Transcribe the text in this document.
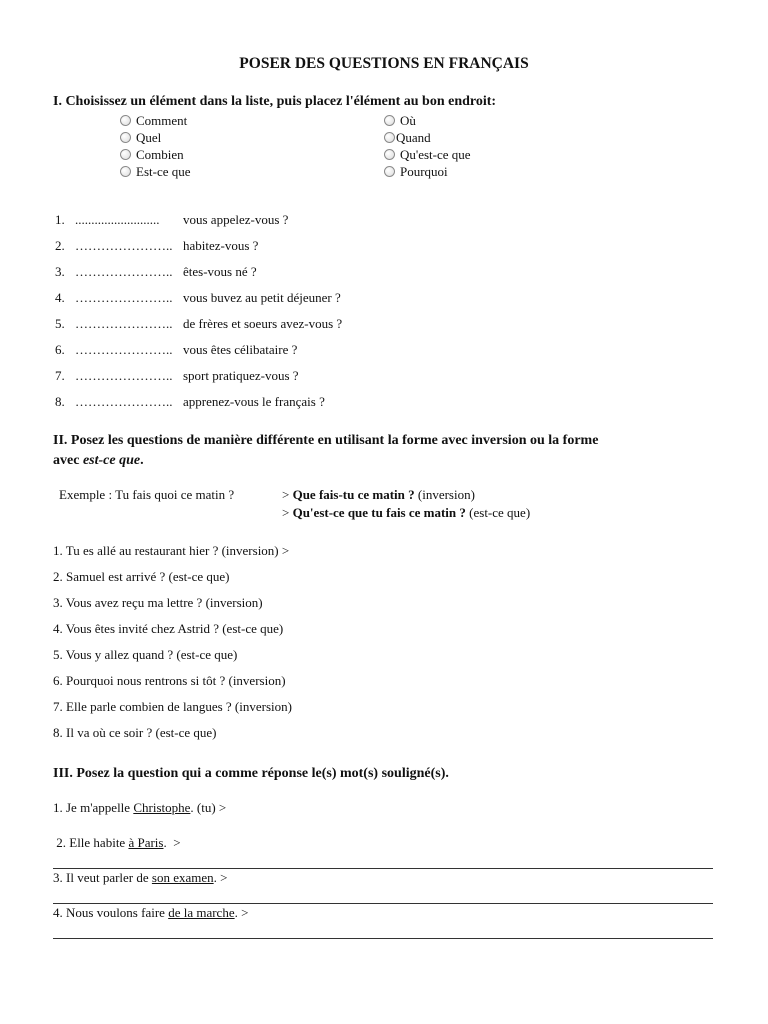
POSER DES QUESTIONS EN FRANÇAIS
I. Choisissez un élément dans la liste, puis placez l'élément au bon endroit:
Comment
Quel
Combien
Est-ce que
Où
Quand
Qu'est-ce que
Pourquoi
1. .......................... vous appelez-vous ?
2. ………………….. habitez-vous ?
3. ………………….. êtes-vous né ?
4. ………………….. vous buvez au petit déjeuner ?
5. ………………….. de frères et soeurs avez-vous ?
6. ………………….. vous êtes célibataire ?
7. ………………….. sport pratiquez-vous ?
8. ………………….. apprenez-vous le français ?
II. Posez les questions de manière différente en utilisant la forme avec inversion ou la forme
avec est-ce que.
Exemple : Tu fais quoi ce matin ?	> Que fais-tu ce matin ? (inversion)
> Qu'est-ce que tu fais ce matin ? (est-ce que)
1. Tu es allé au restaurant hier ? (inversion) >
2. Samuel est arrivé ? (est-ce que)
3. Vous avez reçu ma lettre ? (inversion)
4. Vous êtes invité chez Astrid ? (est-ce que)
5. Vous y allez quand ? (est-ce que)
6. Pourquoi nous rentrons si tôt ? (inversion)
7. Elle parle combien de langues ? (inversion)
8. Il va où ce soir ? (est-ce que)
III. Posez la question qui a comme réponse le(s) mot(s) souligné(s).
1. Je m'appelle Christophe. (tu) >
2. Elle habite à Paris.  >
3. Il veut parler de son examen. >
4. Nous voulons faire de la marche. >
